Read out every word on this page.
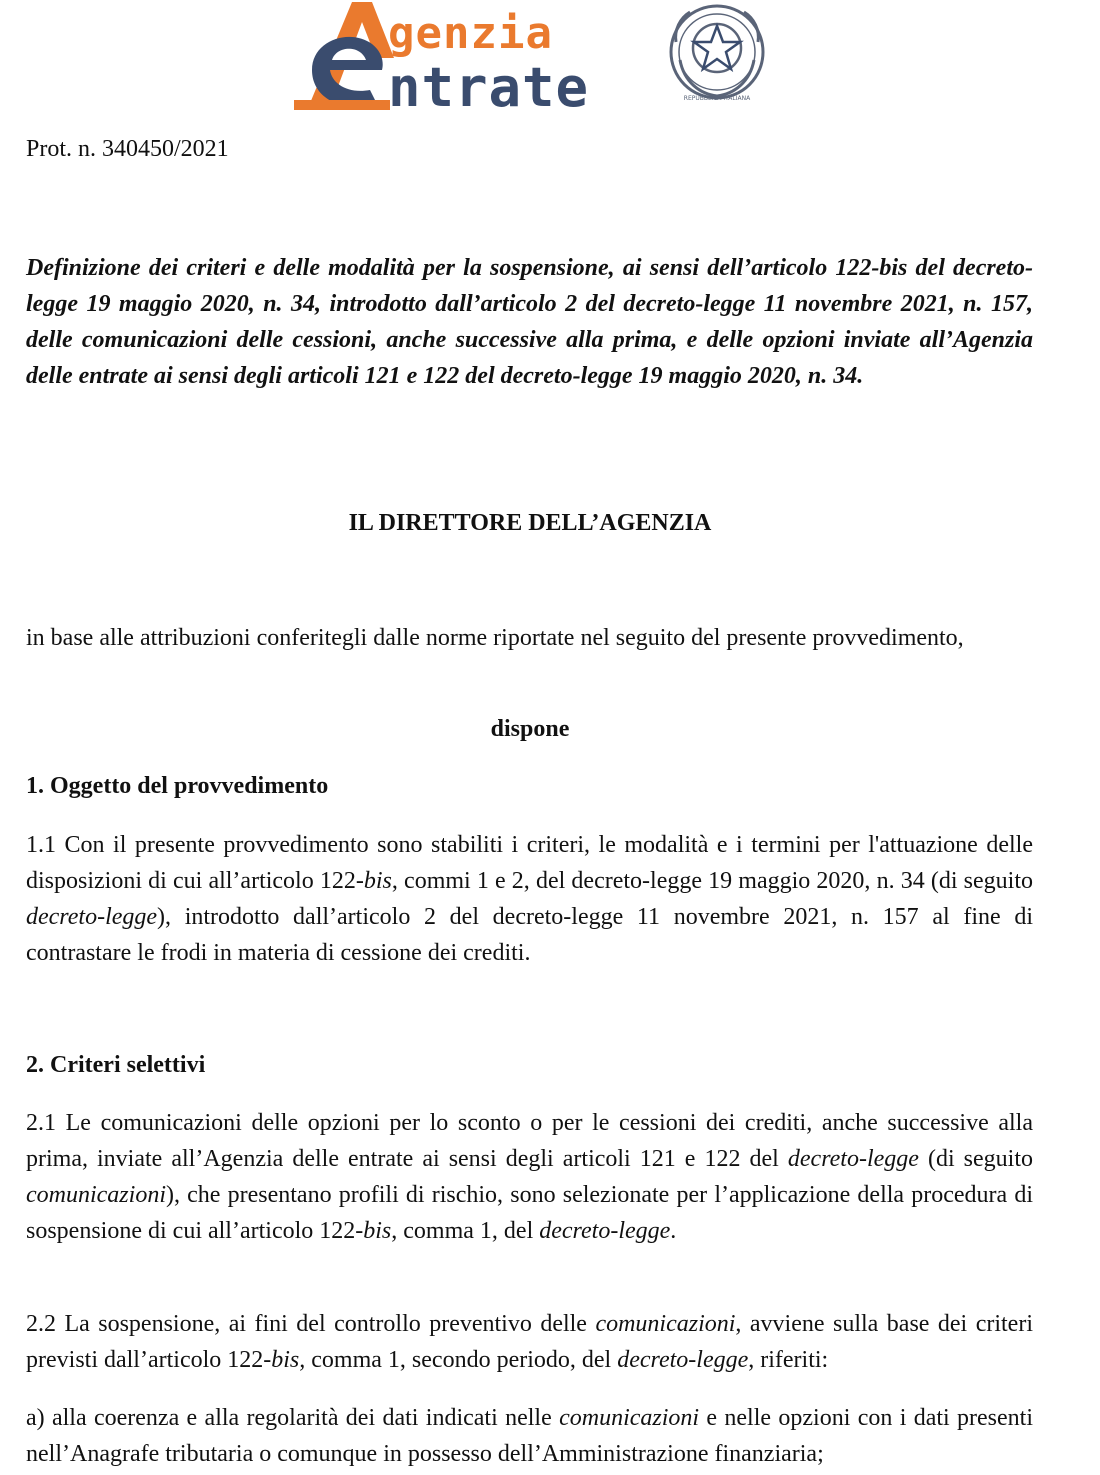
genzia
ntrate	REPUBBLICA ITALIANA
Prot. n. 340450/2021
Definizione dei criteri e delle modalità per la sospensione, ai sensi dell’articolo 122-bis del decreto-legge 19 maggio 2020, n. 34, introdotto dall’articolo 2 del decreto-legge 11 novembre 2021, n. 157, delle comunicazioni delle cessioni, anche successive alla prima, e delle opzioni inviate all’Agenzia delle entrate ai sensi degli articoli 121 e 122 del decreto-legge 19 maggio 2020, n. 34.
IL DIRETTORE DELL’AGENZIA
in base alle attribuzioni conferitegli dalle norme riportate nel seguito del presente provvedimento,
dispone
1. Oggetto del provvedimento
1.1 Con il presente provvedimento sono stabiliti i criteri, le modalità e i termini per l'attuazione delle disposizioni di cui all’articolo 122-bis, commi 1 e 2, del decreto-legge 19 maggio 2020, n. 34 (di seguito decreto-legge), introdotto dall’articolo 2 del decreto-legge 11 novembre 2021, n. 157 al fine di contrastare le frodi in materia di cessione dei crediti.
2. Criteri selettivi
2.1 Le comunicazioni delle opzioni per lo sconto o per le cessioni dei crediti, anche successive alla prima, inviate all’Agenzia delle entrate ai sensi degli articoli 121 e 122 del decreto-legge (di seguito comunicazioni), che presentano profili di rischio, sono selezionate per l’applicazione della procedura di sospensione di cui all’articolo 122-bis, comma 1, del decreto-legge.
2.2 La sospensione, ai fini del controllo preventivo delle comunicazioni, avviene sulla base dei criteri previsti dall’articolo 122-bis, comma 1, secondo periodo, del decreto-legge, riferiti:
a) alla coerenza e alla regolarità dei dati indicati nelle comunicazioni e nelle opzioni con i dati presenti nell’Anagrafe tributaria o comunque in possesso dell’Amministrazione finanziaria;
